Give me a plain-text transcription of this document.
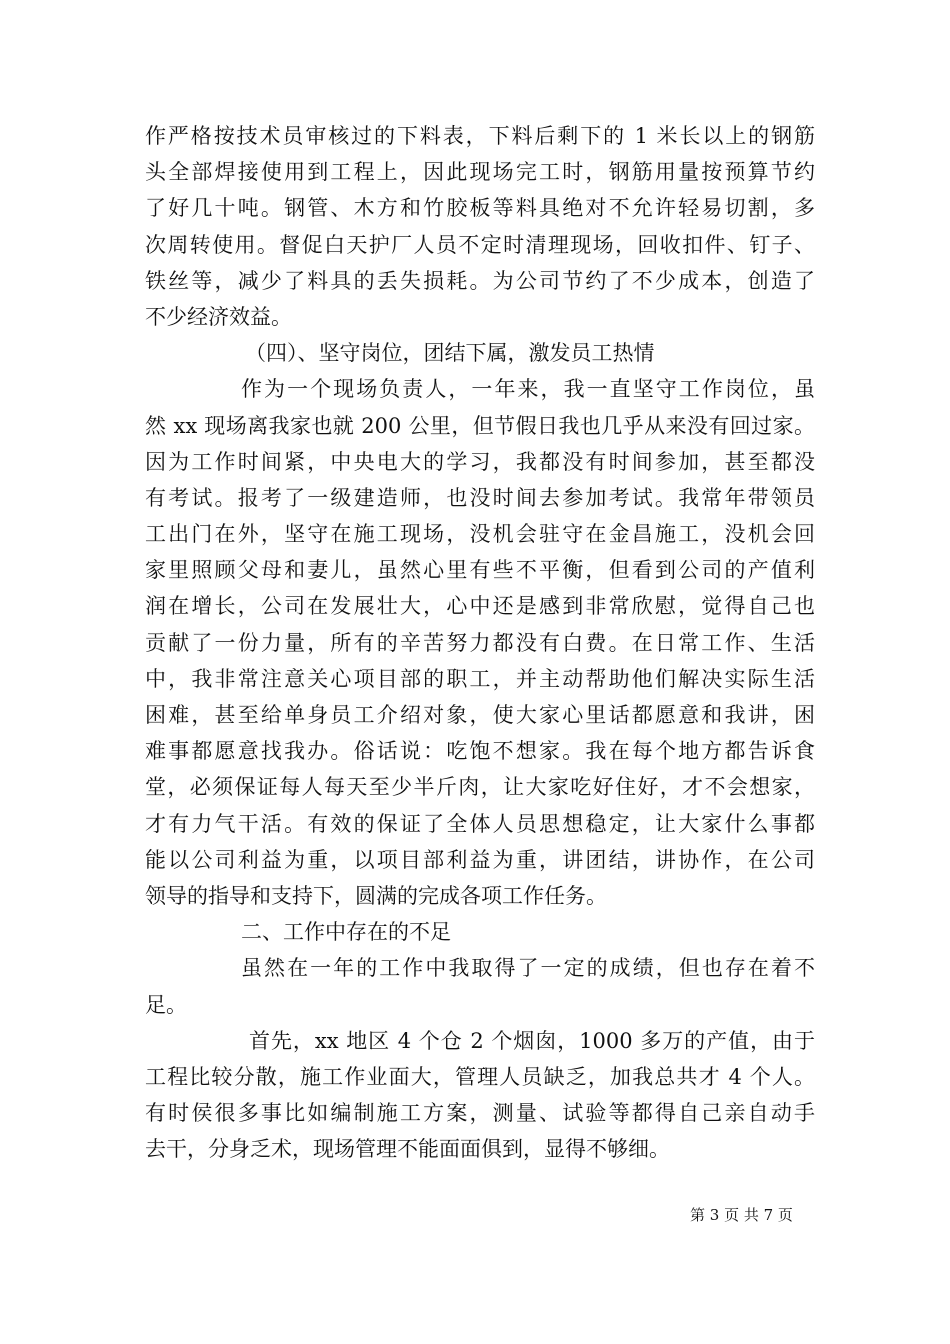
作严格按技术员审核过的下料表，下料后剩下的 1 米长以上的钢筋
头全部焊接使用到工程上，因此现场完工时，钢筋用量按预算节约
了好几十吨。钢管、木方和竹胶板等料具绝对不允许轻易切割，多
次周转使用。督促白天护厂人员不定时清理现场，回收扣件、钉子、
铁丝等，减少了料具的丢失损耗。为公司节约了不少成本，创造了
不少经济效益。
（四）、坚守岗位，团结下属，激发员工热情
作为一个现场负责人，一年来，我一直坚守工作岗位，虽
然 xx 现场离我家也就 200 公里，但节假日我也几乎从来没有回过家。
因为工作时间紧，中央电大的学习，我都没有时间参加，甚至都没
有考试。报考了一级建造师，也没时间去参加考试。我常年带领员
工出门在外，坚守在施工现场，没机会驻守在金昌施工，没机会回
家里照顾父母和妻儿，虽然心里有些不平衡，但看到公司的产值利
润在增长，公司在发展壮大，心中还是感到非常欣慰，觉得自己也
贡献了一份力量，所有的辛苦努力都没有白费。在日常工作、生活
中，我非常注意关心项目部的职工，并主动帮助他们解决实际生活
困难，甚至给单身员工介绍对象，使大家心里话都愿意和我讲，困
难事都愿意找我办。俗话说：吃饱不想家。我在每个地方都告诉食
堂，必须保证每人每天至少半斤肉，让大家吃好住好，才不会想家，
才有力气干活。有效的保证了全体人员思想稳定，让大家什么事都
能以公司利益为重，以项目部利益为重，讲团结，讲协作，在公司
领导的指导和支持下，圆满的完成各项工作任务。
二、工作中存在的不足
虽然在一年的工作中我取得了一定的成绩，但也存在着不
足。
首先，xx 地区 4 个仓 2 个烟囱，1000 多万的产值，由于
工程比较分散，施工作业面大，管理人员缺乏，加我总共才 4 个人。
有时侯很多事比如编制施工方案，测量、试验等都得自己亲自动手
去干，分身乏术，现场管理不能面面俱到，显得不够细。
第 3 页 共 7 页
